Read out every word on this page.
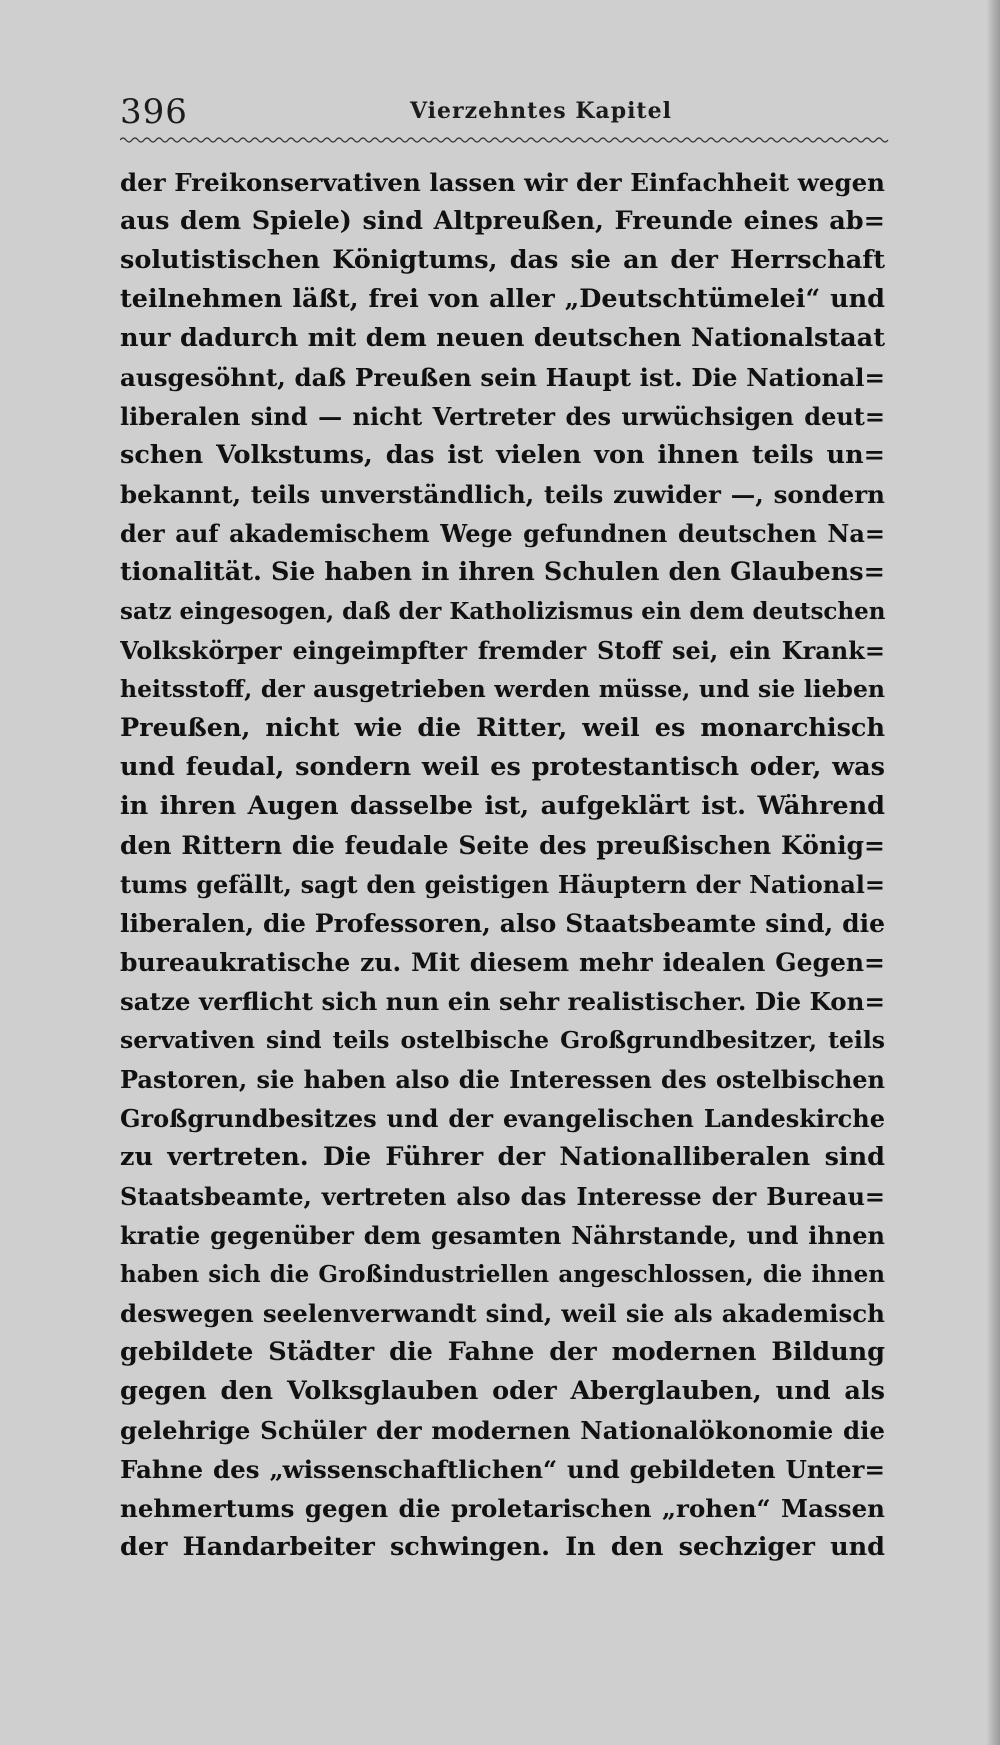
396	Vierzehntes Kapitel
der Freikonservativen lassen wir der Einfachheit wegen
aus dem Spiele) sind Altpreußen, Freunde eines ab=
solutistischen Königtums, das sie an der Herrschaft
teilnehmen läßt, frei von aller „Deutschtümelei“ und
nur dadurch mit dem neuen deutschen Nationalstaat
ausgesöhnt, daß Preußen sein Haupt ist. Die National=
liberalen sind — nicht Vertreter des urwüchsigen deut=
schen Volkstums, das ist vielen von ihnen teils un=
bekannt, teils unverständlich, teils zuwider —, sondern
der auf akademischem Wege gefundnen deutschen Na=
tionalität. Sie haben in ihren Schulen den Glaubens=
satz eingesogen, daß der Katholizismus ein dem deutschen
Volkskörper eingeimpfter fremder Stoff sei, ein Krank=
heitsstoff, der ausgetrieben werden müsse, und sie lieben
Preußen, nicht wie die Ritter, weil es monarchisch
und feudal, sondern weil es protestantisch oder, was
in ihren Augen dasselbe ist, aufgeklärt ist. Während
den Rittern die feudale Seite des preußischen König=
tums gefällt, sagt den geistigen Häuptern der National=
liberalen, die Professoren, also Staatsbeamte sind, die
bureaukratische zu. Mit diesem mehr idealen Gegen=
satze verflicht sich nun ein sehr realistischer. Die Kon=
servativen sind teils ostelbische Großgrundbesitzer, teils
Pastoren, sie haben also die Interessen des ostelbischen
Großgrundbesitzes und der evangelischen Landeskirche
zu vertreten. Die Führer der Nationalliberalen sind
Staatsbeamte, vertreten also das Interesse der Bureau=
kratie gegenüber dem gesamten Nährstande, und ihnen
haben sich die Großindustriellen angeschlossen, die ihnen
deswegen seelenverwandt sind, weil sie als akademisch
gebildete Städter die Fahne der modernen Bildung
gegen den Volksglauben oder Aberglauben, und als
gelehrige Schüler der modernen Nationalökonomie die
Fahne des „wissenschaftlichen“ und gebildeten Unter=
nehmertums gegen die proletarischen „rohen“ Massen
der Handarbeiter schwingen. In den sechziger und
